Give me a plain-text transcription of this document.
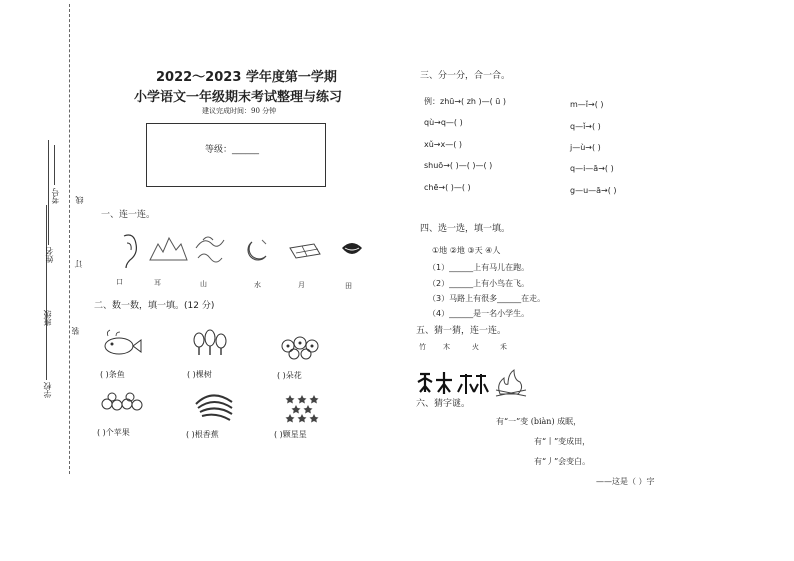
学校
班级
姓名
考号 线
订
装
2022～2023 学年度第一学期
小学语文一年级期末考试整理与练习
建议完成时间：90 分钟
等级：______
一、连一连。
口	耳	山	水	月	田
二、数一数，填一填。(12 分)
( )条鱼	( )棵树	( )朵花
( )个苹果	( )根香蕉	( )颗星星
三、分一分，合一合。
例：zhū→( zh )—( ū )
qù→q—( )
xǔ→x—( )
shuō→( )—( )—( )
chē→( )—( )
m—ǐ→( )
q—ǐ→( )
j—ù→( )
q—i—ā→( )
g—u—ā→( )
四、选一选，填一填。
①地 ②地 ③天 ④人
（1）______上有马儿在跑。
（2）______上有小鸟在飞。
（3）马路上有很多______在走。
（4）______是一名小学生。
五、猜一猜，连一连。
竹 木	火	禾
六、猜字谜。
有“一”变 (biàn) 成眠，
有“丨”变成田，
有“丿”会变白。
——这是（ ）字
